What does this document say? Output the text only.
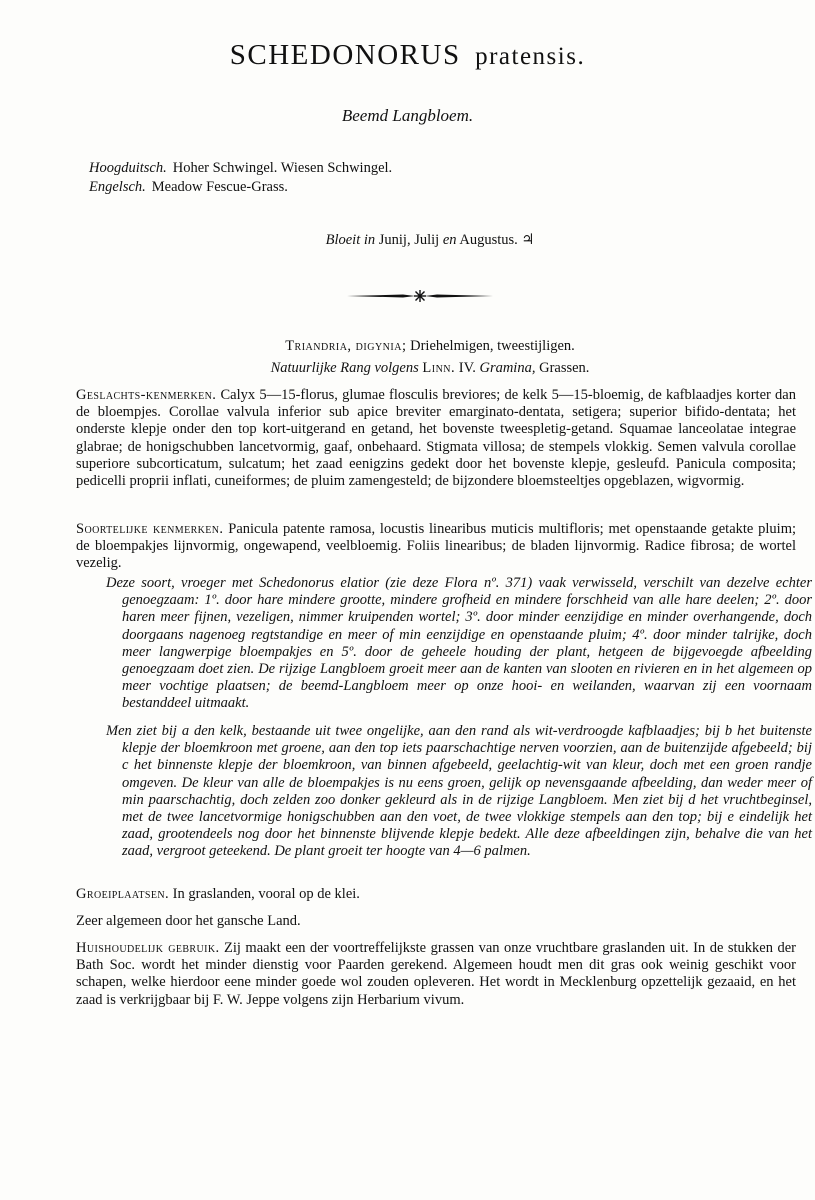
SCHEDONORUS pratensis.
Beemd Langbloem.
Hoogduitsch. Hoher Schwingel. Wiesen Schwingel.
Engelsch. Meadow Fescue-Grass.
Bloeit in Junij, Julij en Augustus. ♃
Triandria, digynia; Driehelmigen, tweestijligen.
Natuurlijke Rang volgens Linn. IV. Gramina, Grassen.
Geslachts-kenmerken. Calyx 5—15-florus, glumae flosculis breviores; de kelk 5—15-bloemig, de kafblaadjes korter dan de bloempjes. Corollae valvula inferior sub apice breviter emarginato-dentata, setigera; superior bifido-dentata; het onderste klepje onder den top kort-uitgerand en getand, het bovenste tweespletig-getand. Squamae lanceolatae integrae glabrae; de honigschubben lancetvormig, gaaf, onbehaard. Stigmata villosa; de stempels vlokkig. Semen valvula corollae superiore subcorticatum, sulcatum; het zaad eenigzins gedekt door het bovenste klepje, gesleufd. Panicula composita; pedicelli proprii inflati, cuneiformes; de pluim zamengesteld; de bijzondere bloemsteeltjes opgeblazen, wigvormig.
Soortelijke kenmerken. Panicula patente ramosa, locustis linearibus muticis multifloris; met openstaande getakte pluim; de bloempakjes lijnvormig, ongewapend, veelbloemig. Foliis linearibus; de bladen lijnvormig. Radice fibrosa; de wortel vezelig.
Deze soort, vroeger met Schedonorus elatior (zie deze Flora nº. 371) vaak verwisseld, verschilt van dezelve echter genoegzaam: 1º. door hare mindere grootte, mindere grofheid en mindere forschheid van alle hare deelen; 2º. door haren meer fijnen, vezeligen, nimmer kruipenden wortel; 3º. door minder eenzijdige en minder overhangende, doch doorgaans nagenoeg regtstandige en meer of min eenzijdige en openstaande pluim; 4º. door minder talrijke, doch meer langwerpige bloempakjes en 5º. door de geheele houding der plant, hetgeen de bijgevoegde afbeelding genoegzaam doet zien. De rijzige Langbloem groeit meer aan de kanten van slooten en rivieren en in het algemeen op meer vochtige plaatsen; de beemd-Langbloem meer op onze hooi- en weilanden, waarvan zij een voornaam bestanddeel uitmaakt.
Men ziet bij a den kelk, bestaande uit twee ongelijke, aan den rand als wit-verdroogde kafblaadjes; bij b het buitenste klepje der bloemkroon met groene, aan den top iets paarschachtige nerven voorzien, aan de buitenzijde afgebeeld; bij c het binnenste klepje der bloemkroon, van binnen afgebeeld, geelachtig-wit van kleur, doch met een groen randje omgeven. De kleur van alle de bloempakjes is nu eens groen, gelijk op nevensgaande afbeelding, dan weder meer of min paarschachtig, doch zelden zoo donker gekleurd als in de rijzige Langbloem. Men ziet bij d het vruchtbeginsel, met de twee lancetvormige honigschubben aan den voet, de twee vlokkige stempels aan den top; bij e eindelijk het zaad, grootendeels nog door het binnenste blijvende klepje bedekt. Alle deze afbeeldingen zijn, behalve die van het zaad, vergroot geteekend. De plant groeit ter hoogte van 4—6 palmen.
Groeiplaatsen. In graslanden, vooral op de klei.
Zeer algemeen door het gansche Land.
Huishoudelijk gebruik. Zij maakt een der voortreffelijkste grassen van onze vruchtbare graslanden uit. In de stukken der Bath Soc. wordt het minder dienstig voor Paarden gerekend. Algemeen houdt men dit gras ook weinig geschikt voor schapen, welke hierdoor eene minder goede wol zouden opleveren. Het wordt in Mecklenburg opzettelijk gezaaid, en het zaad is verkrijgbaar bij F. W. Jeppe volgens zijn Herbarium vivum.
